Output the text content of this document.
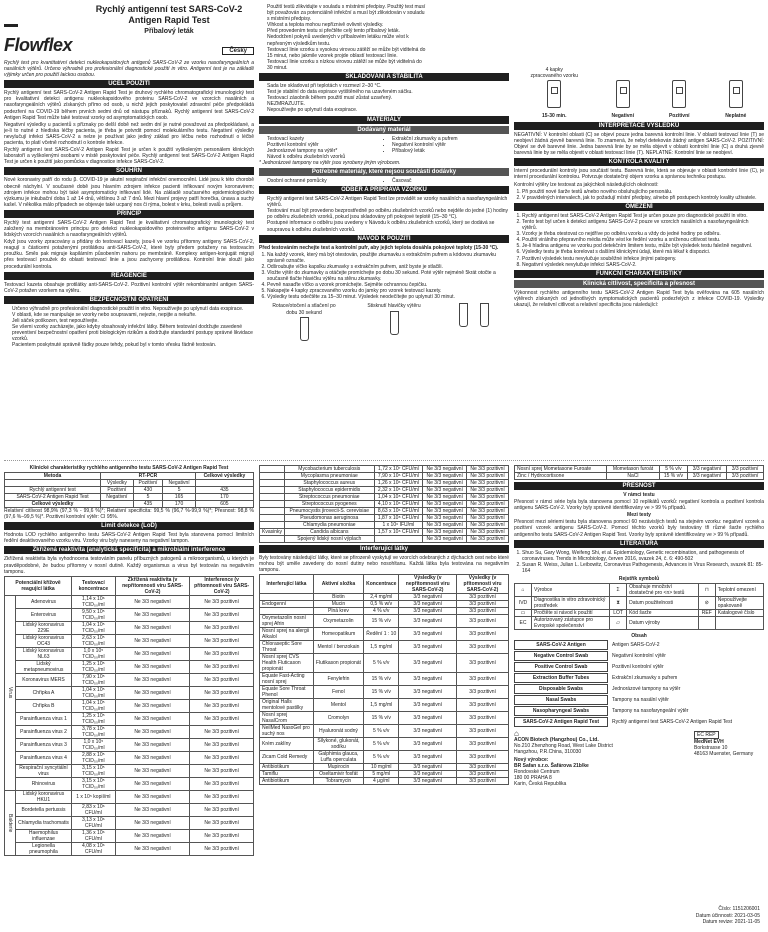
Flowflex
Rychlý antigenní test SARS-CoV-2
Antigen Rapid Test
Příbalový leták
Česky

Rychlý test pro kvantitativní detekci nukleokapsidových antigenů SARS-CoV-2 ze vzorku nasofaryngeálních a nasálních výtěrů. Určeno výhradně pro profesionální diagnostické použití in vitro. Antigenní test je na základě výjimky určen pro použití laickou osobou.

ÚČEL POUŽITÍ

Rychlý antigenní test SARS-CoV-2 Antigen Rapid Test je druhový rychlého chromatografický imunologický test pro kvalitativní detekci antigenu nukleokapsidového proteinu SARS-CoV-2 ve vzorcích nasálních a nasofaryngeálních výtěrů získaných přímo od osob, u nichž jejich poskytovatel zdravotní péče předpokládá podezření na COVID-19 během prvních sedmi dnů od nástupu příznaků. Rychlý antigenní test SARS-CoV-2 Antigen Rapid Test může také testovat vzorky od asymptomatických osob.

Negativní výsledky u pacientů s příznaky po delší době než sedm dní je nutné považovat za předpokládané, a je-li to nutné z hlediska léčby pacienta, je třeba je potvrdit pomocí molekulárního testu. Negativní výsledky nevylučují infekci SARS-CoV-2 a nelze je používat jako jediný základ pro léčbu nebo rozhodnutí o léčbě pacienta, to platí včetně rozhodnutí o kontrole infekce.

Rychlý antigenní test SARS-CoV-2 Antigen Rapid Test je určen k použití vyškoleným personálem klinických laboratoří a vyškolenými osobami v místě poskytování péče. Rychlý antigenní test SARS-CoV-2 Antigen Rapid Test je určen k použití jako pomůcka v diagnostice infekce SARS-CoV-2.

SOUHRN

Nové koronaviry patří do rodu β. COVID-19 je akutní respirační infekční onemocnění. Lidé jsou k této chorobě obecně náchylní. V současné době jsou hlavním zdrojem infekce pacienti infikovaní novým koronavirem; zdrojem infekce mohou být také asymptomaticky infikovaní lidé. Na základě současného epidemiologického výzkumu je inkubační doba 1 až 14 dnů, většinou 3 až 7 dnů. Mezi hlavní projevy patří horečka, únava a suchý kašel. V několika málo případech se objevuje také ucpaný nos či rýma, bolest v krku, bolesti svalů a průjem.

PRINCIP

Rychlý test antigenní SARS-CoV-2 Antigen Rapid Test je kvalitativní chromatografický imunologický test založený na membránovém principu pro detekci nukleokapsidového proteinového antigenu SARS-CoV-2 v lidských vzorcích nasálních a nasofaryngeálních výtěrů.

Když jsou vzorky zpracovány a přidány do testovací kazety, jsou-li ve vzorku přítomny antigeny SARS-CoV-2, reagují s částicemi potaženými protilátkou anti-SARS-CoV-2, které byly předem potaženy na testovacím proužku. Směs pak migruje kapilárním působením nahoru po membráně. Komplexy antigen-konjugát migrují přes testovací proužek do oblasti testovací linie a jsou zachyceny protilátkou. Kontrolní linie slouží jako procedurální kontrola.

REAGENCIE

Testovací kazeta obsahuje protilátky anti-SARS-CoV-2. Pozitivní kontrolní výtěr rekombinantní antigen SARS-CoV-2 potažen vzorkem na výtěru.

BEZPEČNOSTNÍ OPATŘENÍ
• Určeno výhradně pro profesionální diagnostické použití in vitro. Nepoužívejte po uplynutí data exspirace.
• V oblasti, kde se manipuluje se vzorky nebo soupravami, nejezte, nepijte a nekuřte.
• Jeli sáček poškozen, test nepoužívejte.
• Se všemi vzorky zacházejte, jako kdyby obsahovaly infekční látky. Během testování dodržujte zavedené preventivní bezpečnostní opatření proti biologickým rizikům a dodržujte standardní postupy správné likvidace vzorků.
• Pacientem poskytnuté správně řádky pouze tehdy, pokud byl v tomto vřesku řádně testován.
• Použití testů zlikvidujte v souladu s místními předpisy. Použitý test musí být považován za potenciálně infekční a musí být zlikvidován v souladu s místními předpisy.
• Vlhkost a teplota mohou nepříznivě ovlivnit výsledky.
• Před provedením testu si přečtěte celý tento příbalový leták. Nedodržení pokynů uvedených v příbalovém letáku může vést k nepřesným výsledkům testu.
• Testovací linie vzorku s vysokou virovou zátěží se může být viditelná do 15 minut, nebo jakmile vzorek projde oblastí testovací linie.
• Testovací linie vzorku s nízkou virovou zátěží se může být viditelná do 30 minut.
SKLADOVÁNÍ A STABILITA
• Sada lze skladovat při teplotách v rozmezí 2–30 °C.
• Test je stabilní do data expirace vytištěného na uzavřeném sáčku.
• Testovací zásobník během použití musí zůstat uzavřený.
• NEZMRAZUJTE.
• Nepoužívejte po uplynutí data exspirace.
MATERIÁLY
Dodávaný materiál
• Testovací kazety
• Pozitivní kontrolní výtěr
• Jednorázové tampony na výtěr*
• Návod k odběru zkušebních vzorků
• Extrakční zkumavky a pufrem
• Negativní kontrolní výtěr
• Příbalový leták

* Jednorázové tampony na výtěr jsou vyrobeny jiným výrobcem.

Potřebné materiály, které nejsou součástí dodávky
• Osobní ochranné pomůcky	• Časovač
ODBĚR A PŘÍPRAVA VZORKU
• Rychlý antigenní test SARS-CoV-2 Antigen Rapid Test lze provádět se vzorky nasálních a nasofaryngeálních výtěrů.
• Testování musí být provedeno bezprostředně po odběru zkušebních vzorků nebo nejdéle do jedné (1) hodiny po odběru zkušebních vzorků, pokud jsou skladovány při pokojové teplotě (15–30 °C).
• Postupné informace o odběru jsou uvedeny v Návodu k odběru zkušebních vzorků, který se dodává se soupravou k odběru zkušebních vzorků.
NÁVOD K POUŽITÍ

Před testováním nechejte test a kontrolní pufr, aby jejich teplota dosáhla pokojové teploty (15-30 °C).

1. Na každý vzorek, který má být otestován, použijte zkumavku s extrakčním pufrem a kódovou zkumavku správně označte.
2. Odšroubujte víčko kapslku zkumavky s extrakčním pufrem, aniž byste je stlačili.
3. Vložte výtěr do zkumavky a otáčejte promíchejte po dobu 30 sekund. Poté výtěr nejméně 5krát otočte a současně tlačte hlavičku výtěru na stěnu zkumavky.
4. Pevně nasaďte víčko a vzorek promíchejte. Sejměte ochrannou čepičku.
5. Nakapejte 4 kapky zpracovaného vzorku do jamky pro vzorek testovací kazety.
6. Výsledky testu odečtěte za 15–30 minut. Výsledek neodečítejte po uplynutí 30 minut.
Rotace/otočení a stlačení po dobu 30 sekund
Stisknutí hlavičky výtěru

4 kapky zpracovaného vzorku
15-30 min.	Negativní	Pozitivní	Neplatné
INTERPRETACE VÝSLEDKŮ

NEGATIVNÍ: V kontrolní oblasti (C) se objeví pouze jedna barevná kontrolní linie. V oblasti testovací linie (T) se neobjeví žádná zjevně barevná linie. To znamená, že nebyl detekován žádný antigen SARS-CoV-2. POZITIVNÍ: Objeví se dvě barevné linie. Jedna barevná linie by se měla objevit v oblasti kontrolní linie (C) a druhá zjevně barevná linie by se měla objevit v oblasti testovací linie (T). NEPLATNÉ: Kontrolní linie se neobjeví.

KONTROLA KVALITY

Interní procedurální kontroly jsou součástí testu. Barevná linie, která se objevuje v oblasti kontrolní linie (C), je interní procedurální kontrolou. Potvrzuje dostatečný objem vzorku a správnou techniku postupu.

Kontrolní výtěry lze testovat za jakýchkoli následujících okolností:

1. Při použití nové šarže testů a/nebo nového obsluhujícího personálu.
2. V pravidelných intervalech, jak to požadují místní předpisy, a/nebo při postupech kontroly kvality uživatele.
OMEZENÍ
1. Rychlý antigenní test SARS-CoV-2 Antigen Rapid Test je určen pouze pro diagnostické použití in vitro.
2. Tento test byl určen k detekci antigenu SARS-CoV-2 pouze ve vzorcích nasálních a nasofaryngeálních výtěrů.
3. Vzorky je třeba otestovat co nejdříve po odběru vzorku a vždy do jedné hodiny po odběru.
4. Použití virálního přepravního média může vést ke ředění vzorku a sníženou citlivost testu.
5. Je-li hladina antigenu ve vzorku pod detekčním limitem testu, může být výsledek testu falešně negativní.
6. Výsledky testu je třeba korelovat s dalšími klinickými údaji, které má lékař k dispozici.
7. Pozitivní výsledek testu nevylučuje souběžné infekce jinými patogeny.
8. Negativní výsledek nevylučuje infekci SARS-CoV-2.
FUNKČNÍ CHARAKTERISTIKY
Klinická citlivost, specificita a přesnost

Výkonnost rychlého antigenního testu SARS-CoV-2 Antigen Rapid Test byla ověřována na 605 nasálních výtěrech získaných od jednotlivých symptomatických pacientů podezřelých z infekce COVID-19. Výsledky ukazují, že relativní citlivost a relativní specificita jsou následující:

Klinické charakteristiky rychlého antigenního testu SARS-CoV-2 Antigen Rapid Test
Metoda	RT-PCR			Celkové výsledky
	Výsledky	Pozitivní	Negativní	
Rychlý antigenní test	Pozitivní	430	5	435
SARS-CoV-2 Antigen Rapid Test	Negativní	5	165	170
Celkové výsledky		435	170	605

Relativní citlivost 98,9% (97,3 % - 99,6 %)*; Relativní specificita: 99,5 % (96,7 %-99,9 %)*; Přesnost: 98,8 % (97,6 %–99,5 %)*. Pozitivní kontrolní výtěr: CI 95%.

Limit detekce (LoD)

Hodnota LOD rychlého antigenního testu SARS-CoV-2 Antigen Rapid Test byla stanovena pomocí limitních ředění deaktivovaného vzorku viru. Vzorky viru byly naneseny na negativní tampon.

Zkřížená reaktivita (analytická specificita) a mikrobiální interference

Zkřížená reaktivita byla vyhodnocena testováním panelu příbuzných patogenů a mikroorganismů, u kterých je pravděpodobné, že budou přítomny v nosní dutině. Každý organismus a virus byl testován na negativním tamponu.

Potenciální křížově reagující látka		Testovací koncentrace	Zkřížená reaktivita (v nepřítomnosti viru SARS-CoV-2)	Interference (v přítomnosti viru SARS-CoV-2)
Virus	Adenovirus	1,14 x 10⁶ TCID₅₀/ml	Ne 3/3 negativní	Ne 3/3 pozitivní
	Enterovirus	9,50 x 10⁵ TCID₅₀/ml	Ne 3/3 negativní	Ne 3/3 pozitivní
	Lidský koronavirus 229E	1,04 x 10⁵ TCID₅₀/ml	Ne 3/3 negativní	Ne 3/3 pozitivní
	Lidský koronavirus OC43	2,63 x 10⁵ TCID₅₀/ml	Ne 3/3 negativní	Ne 3/3 pozitivní
	Lidský koronavirus NL63	1,0 x 10⁵ TCID₅₀/ml	Ne 3/3 negativní	Ne 3/3 pozitivní
	Lidský metapneumovirus	1,25 x 10⁵ TCID₅₀/ml	Ne 3/3 negativní	Ne 3/3 pozitivní
	Koronavirus MERS	7,90 x 10⁵ TCID₅₀/ml	Ne 3/3 negativní	Ne 3/3 pozitivní
	Chřipka A	1,04 x 10⁵ TCID₅₀/ml	Ne 3/3 negativní	Ne 3/3 pozitivní
	Chřipka B	1,04 x 10⁵ TCID₅₀/ml	Ne 3/3 negativní	Ne 3/3 pozitivní
	Parainfluenza virus 1	1,25 x 10⁵ TCID₅₀/ml	Ne 3/3 negativní	Ne 3/3 pozitivní
	Parainfluenza virus 2	3,78 x 10⁵ TCID₅₀/ml	Ne 3/3 negativní	Ne 3/3 pozitivní
	Parainfluenza virus 3	1,0 x 10⁵ TCID₅₀/ml	Ne 3/3 negativní	Ne 3/3 pozitivní
	Parainfluenza virus 4	2,88 x 10⁵ TCID₅₀/ml	Ne 3/3 negativní	Ne 3/3 pozitivní
	Respirační syncytiální virus	3,15 x 10⁵ TCID₅₀/ml	Ne 3/3 negativní	Ne 3/3 pozitivní
	Rhinovirus	3,15 x 10⁵ TCID₅₀/ml	Ne 3/3 negativní	Ne 3/3 pozitivní
Bakterie	Lidský koronavirus HKU1	1 x 10⁵ kopií/ml	Ne 3/3 negativní	Ne 3/3 pozitivní
	Bordetella pertussis	2,83 x 10⁶ CFU/ml	Ne 3/3 negativní	Ne 3/3 pozitivní
	Chlamydia trachomatis	3,13 x 10⁶ CFU/ml	Ne 3/3 negativní	Ne 3/3 pozitivní
	Haemophilus influenzae	1,36 x 10⁶ CFU/ml	Ne 3/3 negativní	Ne 3/3 pozitivní
	Legionella pneumophila	4,08 x 10⁶ CFU/ml	Ne 3/3 negativní	Ne 3/3 pozitivní
	Mycobacterium tuberculosis	1,72 x 10⁷ CFU/ml	Ne 3/3 negativní	Ne 3/3 pozitivní
	Mycoplasma pneumoniae	7,90 x 10⁶ CFU/ml	Ne 3/3 negativní	Ne 3/3 pozitivní
	Staphylococcus aureus	1,26 x 10⁶ CFU/ml	Ne 3/3 negativní	Ne 3/3 pozitivní
	Staphylococcus epidermidis	2,32 x 10⁶ CFU/ml	Ne 3/3 negativní	Ne 3/3 pozitivní
	Streptococcus pneumoniae	1,04 x 10⁸ CFU/ml	Ne 3/3 negativní	Ne 3/3 pozitivní
	Streptococcus pyogenes	4,10 x 10⁶ CFU/ml	Ne 3/3 negativní	Ne 3/3 pozitivní
	Pneumocystis jirovecii-S. cerevisiae	8,63 x 10⁶ CFU/ml	Ne 3/3 negativní	Ne 3/3 pozitivní
	Pseudomonas aeruginosa	1,87 x 10⁸ CFU/ml	Ne 3/3 negativní	Ne 3/3 pozitivní
	Chlamydia pneumoniae	1 x 10⁶ IFU/ml	Ne 3/3 negativní	Ne 3/3 pozitivní
Kvasinky	Candida albicans	1,57 x 10⁸ CFU/ml	Ne 3/3 negativní	Ne 3/3 pozitivní
	Spojený lidský nosní výplach		Ne 3/3 negativní	Ne 3/3 pozitivní
Interferující látky

Byly testovány následující látky, které se přirozeně vyskytují ve vzorcích odebraných z dýchacích cest nebo které mohou být uměle zavedeny do nosní dutiny nebo nosohltanu. Každá látka byla testována na negativním tamponu.

Interferující látka	Aktivní složka	Koncentrace	Výsledky (v nepřítomnosti viru SARS-CoV-2)	Výsledky (v přítomnosti viru SARS-CoV-2)
	Biotin	2,4 mg/ml	3/3 negativní	3/3 pozitivní
Endogenní	Mucin	0,5 % w/v	3/3 negativní	3/3 pozitivní
	Plná krev	4 % v/v	3/3 negativní	3/3 pozitivní
Oxymetazolin nosní sprej Afrin	Oxymetazolin	15 % v/v	3/3 negativní	3/3 pozitivní
Nosní sprej na alergii Alkalol	Homeopatikum	Ředění 1 : 10	3/3 negativní	3/3 pozitivní
Chloraseptic Sore Throat	Mentol / benzokain	1,5 mg/ml	3/3 negativní	3/3 pozitivní
Nosní sprej CVS Health Fluticason propionát	Flutikason propionát	5 % v/v	3/3 negativní	3/3 pozitivní
Equate Fast-Acting nosní sprej	Fenylefrin	15 % v/v	3/3 negativní	3/3 pozitivní
Equate Sore Throat Phenol	Fenol	15 % v/v	3/3 negativní	3/3 pozitivní
Original Halls mentolové pastilky	Mentol	1,5 mg/ml	3/3 negativní	3/3 pozitivní
Nosní sprej NasalCrom	Cromolyn	15 % v/v	3/3 negativní	3/3 pozitivní
NeilMed NasoGel pro suchý nos	Hyaluronát sodný	5 % v/v	3/3 negativní	3/3 pozitivní
Krém zaklíny	Sílykoné, glukonát, sodíku	5 % v/v	3/3 negativní	3/3 pozitivní
Zicam Cold Remedy	Galphimia glauca, Luffa operculata	5 % v/v	3/3 negativní	3/3 pozitivní
Antibiotikum	Mupirocin	10 mg/ml	3/3 negativní	3/3 pozitivní
Tamiflu	Oseltamivir fosfát	5 mg/ml	3/3 negativní	3/3 pozitivní
Antibiotikum	Tobramycin	4 μg/ml	3/3 negativní	3/3 pozitivní
Nosní sprej Mometasone Furoate	Mometason furoát	5 % v/v	3/3 negativní	3/3 pozitivní
Zinc / Hydrocortisone	NaCl	15 % v/v	3/3 negativní	3/3 pozitivní
PŘESNOST
V rámci testu

Přesnost v rámci série byla byla stanovena pomocí 10 replikátů vzorků: negativní kontrola a pozitivní kontrola antigenu SARS-CoV-2. Vzorky byly správně identifikovány ve > 99 % případů.

Mezi testy

Přesnost mezi sériemi testu byla stanovena pomocí 60 nezávislých testů na stejném vzorku: negativní vzorek a pozitivní vzorek antigenu SARS-CoV-2. Pomocí těchto vzorků byly testovány tři různé šarže rychlého antigenního testu SARS-CoV-2 Antigen Rapid Test. Vzorky byly správně identifikovány ve > 99 % případů.

LITERATURA
1. Shuo Su, Gary Wong, Weifeng Shi, et al. Epidemiology, Genetic recombination, and pathogenesis of coronaviruses. Trends in Microbiology, červen 2016, svazek 24, č. 6: 490-502
2. Susan R. Weiss, Julian L. Leibowitz, Coronavirus Pathogenesis, Advances in Virus Research, svazek 81: 85-164
Rejstřík symbolů
⌂	Výrobce	Σ	Obsahuje množství dostatečné pro <n> testů	⊓	Teplotní omezení
IVD	Diagnostika in vitro zdravotnický prostředek	⧗	Datum použitelnosti	⊘	Nepoužívejte opakovaně
▭	Pročtěte si návod k použití	LOT	Kód šarže	REF	Katalogové číslo
EC	Autorizovaný zástupce pro Evropské společenství	▱	Datum výroby		
Obsah
SARS-CoV-2 Antigen	Antigen SARS-CoV-2
Negative Control Swab	Negativní kontrolní výtěr
Positive Control Swab	Pozitivní kontrolní výtěr
Extraction Buffer Tubes	Extrakční zkumavky s pufrem
Disposable Swabs	Jednorázové tampony na výtěr
Nasal Swabs	Tampony na nasální výtěr
Nasopharyngeal Swabs	Tampony na nasofaryngeální výtěr
SARS-CoV-2 Antigen Rapid Test	Rychlý antigenní test SARS-CoV-2 Antigen Rapid Test
⌂
ACON Biotech (Hangzhou) Co., Ltd.
No.210 Zhenzhong Road, West Lake District
Hangzhou, P.R.China, 310030
Nový výrobce:
BR Safan s.r.o. Šafárova 21b/ke
Rondovské Centrum
180 00 PRAHA 8
Karin, Česká Republika
EC REP
MedNet EVH
Borkstrasse 10
48163 Muenster, Germany
Číslo: 1151206001
Datum účinnosti: 2021-03-05
Datum revize: 2021-11-05
